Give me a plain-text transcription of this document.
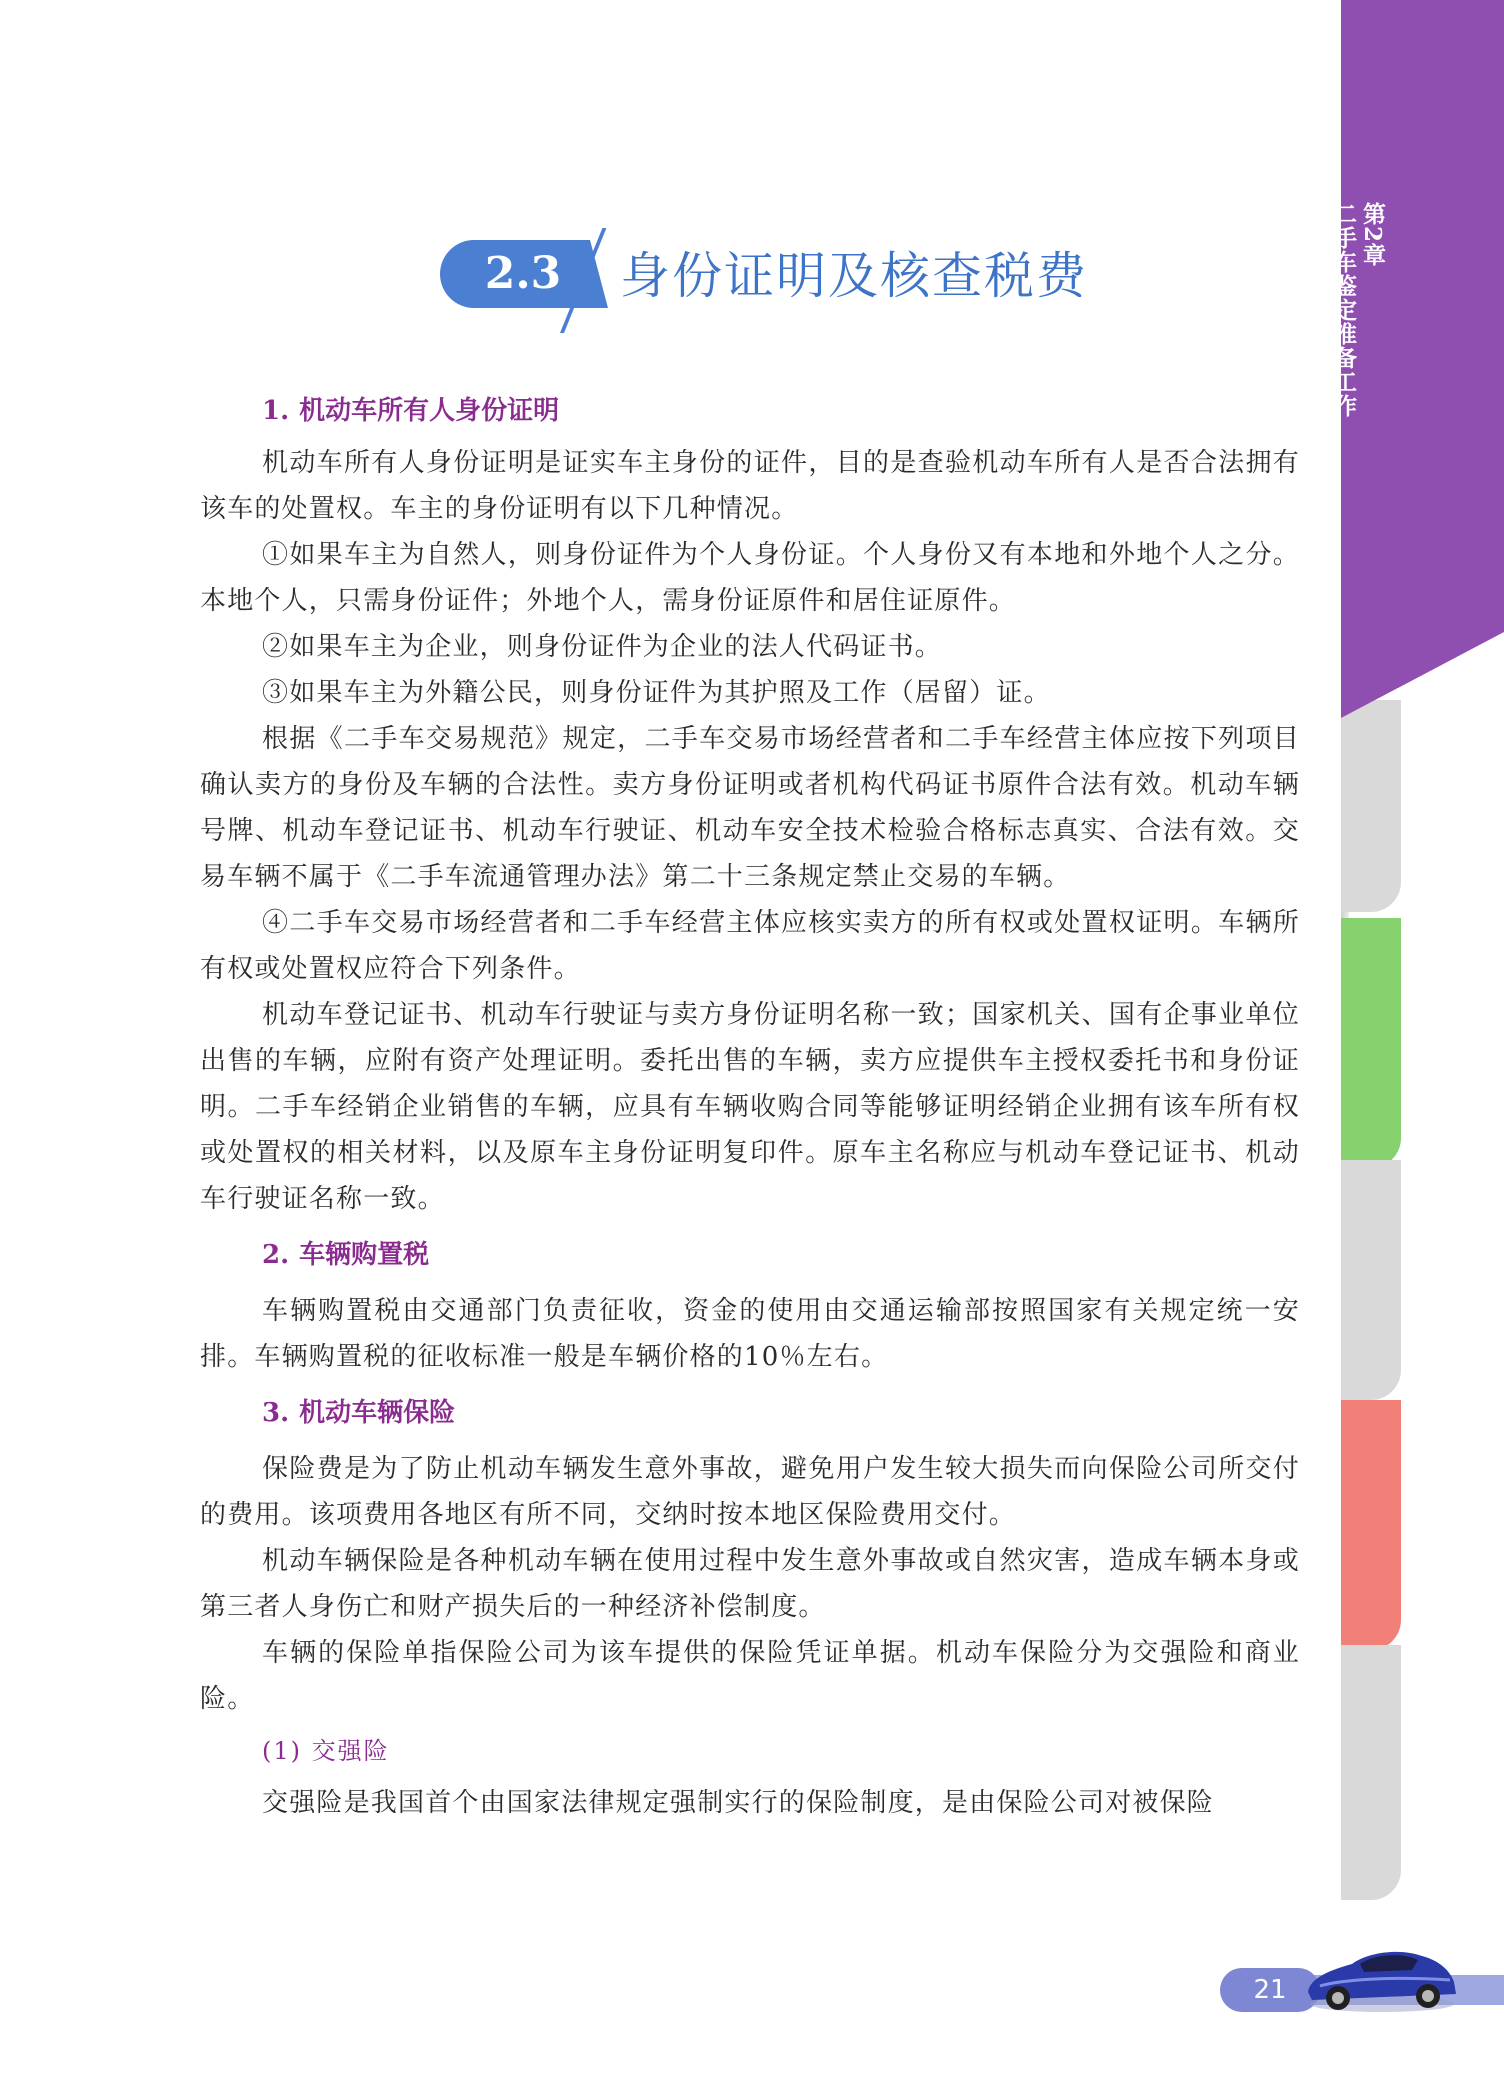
第2章
二手车鉴定准备工作
2.3	身份证明及核查税费
1. 机动车所有人身份证明

机动车所有人身份证明是证实车主身份的证件，目的是查验机动车所有人是否合法拥有该车的处置权。车主的身份证明有以下几种情况。

①如果车主为自然人，则身份证件为个人身份证。个人身份又有本地和外地个人之分。本地个人，只需身份证件；外地个人，需身份证原件和居住证原件。

②如果车主为企业，则身份证件为企业的法人代码证书。

③如果车主为外籍公民，则身份证件为其护照及工作（居留）证。

根据《二手车交易规范》规定，二手车交易市场经营者和二手车经营主体应按下列项目确认卖方的身份及车辆的合法性。卖方身份证明或者机构代码证书原件合法有效。机动车辆号牌、机动车登记证书、机动车行驶证、机动车安全技术检验合格标志真实、合法有效。交易车辆不属于《二手车流通管理办法》第二十三条规定禁止交易的车辆。

④二手车交易市场经营者和二手车经营主体应核实卖方的所有权或处置权证明。车辆所有权或处置权应符合下列条件。

机动车登记证书、机动车行驶证与卖方身份证明名称一致；国家机关、国有企事业单位出售的车辆，应附有资产处理证明。委托出售的车辆，卖方应提供车主授权委托书和身份证明。二手车经销企业销售的车辆，应具有车辆收购合同等能够证明经销企业拥有该车所有权或处置权的相关材料，以及原车主身份证明复印件。原车主名称应与机动车登记证书、机动车行驶证名称一致。

2. 车辆购置税

车辆购置税由交通部门负责征收，资金的使用由交通运输部按照国家有关规定统一安排。车辆购置税的征收标准一般是车辆价格的10％左右。

3. 机动车辆保险

保险费是为了防止机动车辆发生意外事故，避免用户发生较大损失而向保险公司所交付的费用。该项费用各地区有所不同，交纳时按本地区保险费用交付。

机动车辆保险是各种机动车辆在使用过程中发生意外事故或自然灾害，造成车辆本身或第三者人身伤亡和财产损失后的一种经济补偿制度。

车辆的保险单指保险公司为该车提供的保险凭证单据。机动车保险分为交强险和商业险。

(1) 交强险

交强险是我国首个由国家法律规定强制实行的保险制度，是由保险公司对被保险

21
